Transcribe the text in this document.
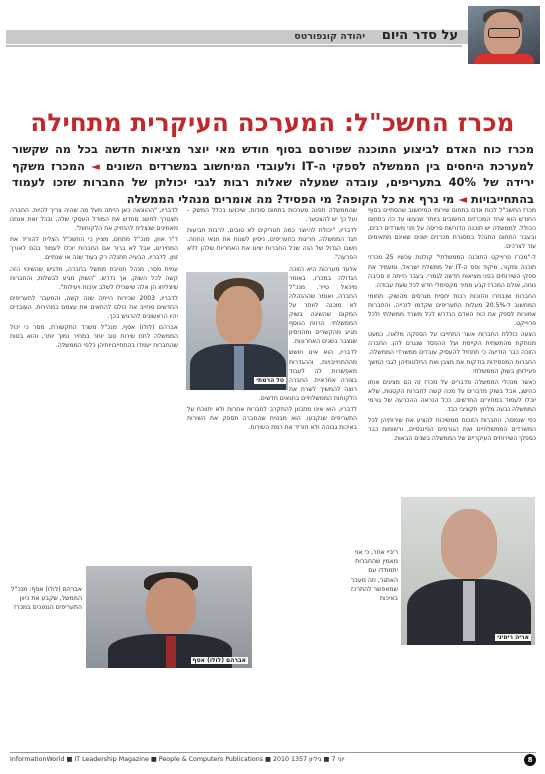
על סדר היום
יהודה קונפורטס
מכרז החשכ"ל: המערכה העיקרית מתחילה
מכרז כוח האדם לביצוע התוכנה שפורסם בסוף חודש מאי יוצר מציאות חדשה בכל מה שקשור למערכת היחסים בין הממשלה לספקי ה-IT ולעובדי המיחשוב במשרדים השונים ◄ המכרז משקף ירידה של 40% בתעריפים, עובדה שמעלה שאלות רבות לגבי יכולתן של החברות שזכו לעמוד בהתחייבויות ◄ מי נרף את כל הקופה? מי הפסיד? מה אומרים מנהלי הממשלה

מכרז החשכ"ל לכוח אדם בתחום שירותי המיחשוב שהסתיים בסוף החודש הוא אחד המכרזים החשובים ביותר שנעשו עד כה בתחום הכולל. לממשלה יש תוכנה הדורשת פריסה על פני משרדים רבים, ובעבר התחום התנהל במסגרת מכרזים ישנים שאינם מתאימים עוד לצרכים.

ל-"מכרז פרוייקט התוכנה הממשלתי" קולטת עכשיו 25 מכרזי תוכנה ומקור, מיקוד ופס ה-IT של ממשלת ישראל, ומעמיד את ספקי השירותים בפני מציאות חדשה לגמרי. בעבר הייתה זו סביבה נוחה, אולם המכרז קבע מחיר מקסימלי חדש לכל שעת עבודה.

החברות שנבחרו והזוכות רבות יחסית מגרסים מהשוק. תחומי המחשוב ל-20.5% מעלות התעריפים שקדמו לזכייה, והחברות אמורות לספק את כוח האדם הנדרש לכל משרד ממשלתי ולכל פרוייקט.

הצעה כוללת החברות אשר התחייבו על הספקה מלאה, כמעט מנותקת מהתשתית הקיימת ועל ההפסד שנגרם להן. החברה הזוכה כבר הודיעה כי תתחיל להעסיק עובדים ממשרדי הממשלה. החברות המפסידות בודקות את מצבן ואת החלטותיהן לגבי המשך פעילותן בשוק הממשלתי.

כאשר מנהלי הממשלה מדברים על מכרז זה הם מציגים אותו כהישג, אבל בשוק מדברים על מכה קשה לחברות הקטנות, שלא יוכלו לעמוד במחירים החדשים. ככל הנראה ההכרעה של גורמי הממשלה נבעה מלחץ תקציבי כבד.

כפי שנמסר, החברות הזוכות ממשיכות להציע את שירותיהן לכל המשרדים הממשלתיים ואת הגורמים הפיננסיים, ורשומות כבר כספקי השירותים העיקריים של הממשלה בשנים הבאות.

שהממשלה תפנה מערכות בתחום סודות, שיכנעו בכלל המשק - ועל כך יש להצטער.

לדבריו, "יכולת להיוצר כמה חטריקים לא טובים, לרבות תביעות תגד הממשלה, חריגות בתעריפים, ניסיון לשנות את תנאי החוזה. חשבו הגדול של הנה שכל החברות יציגו את האחריות שלהן ללא הפרעה".

אלעד מערכות היא הזוכה הגדולה במכרז, באומר מיכאל טייר, מנכ"ל החברה, ואומר שההנהלה לא מוכנה לוותר על המקום שהשיגה בשוק הממשלתי. הרווח הנוסף מגיע מהקשרים ומהניסיון שנצבר בשנים האחרונות.

לדבריו, הוא אינו חושש מההתחייבויות, וההגדרות מאפשרות לה לעבוד בצורה אחראית. החברה רוצה להמשיך לשרת את הלקוחות הממשלתיים בתנאים חדשים.

לדבריו, הוא אינו מתכוון להתקרב לחברות אחרות ולא יתווכח על התעריפים שנקבעו. הוא מבטיח שהחברה תספק את השירות באיכות גבוהה ולא תוריד את רמת השירות.

לדבריו, "ההוצאה כאן הייתה מעל מה שהיה צריך להיות. החברה תצטרך לחשב מחדש את המודל העסקי שלה, ובכל זאת אנחנו מאמינים שנצליח להחזיק את הלקוחות".

ד"ר אוזן, מנכ"ל מתחם, מציין כי החשכ"ל הצליח להוריד את המחירים, אבל לא ברור אם החברות יוכלו לעמוד בהם לאורך זמן. לדבריו, הבעיה תתגלה רק בעוד שנה או שנתיים.

עמית מסר, מנהל חטיבת ממשל בחברה, מדגיש שהשינוי הזה קשה לכל השוק, אך נדרש. "השוק מגיע לבשלות, והחברות שיצליחו הן אלה שישכילו לשלב איכות ויעילות".

לדבריו, 2003 שכירות הייתה שנה קשה, והמעבר לתעריפים החדשים מחייב את כולם להתאים את עצמם במהירות. העובדים יהיו הראשונים להרגיש בכך.

אברהם (לולו) אסף, מנכ"ל משרד התקשורת, מסר כי יכול הממשלה לתת שירות טוב יותר במחיר נמוך יותר, והוא בטוח שהחברות יעמדו בהתחייבויותיהן כלפי הממשלה.

טל הרמתי
אריה רימיני
אברהם (לולו) אסף
ריביי אחר, כי אני מאמין שהחברות יתמודדו עם האתגר, וזה מעבר שמאפשר להתרכז באיכות
אברהם (לולו) אסף: מנכ"ל הממשל, שקבע את כיוון התעריפים הנמוכים במכרז
InformationWorld ■ IT Leadership Magazine ■ People & Computers Publications ■ 2010 יוני 7 ■ גיליון 1357	8
